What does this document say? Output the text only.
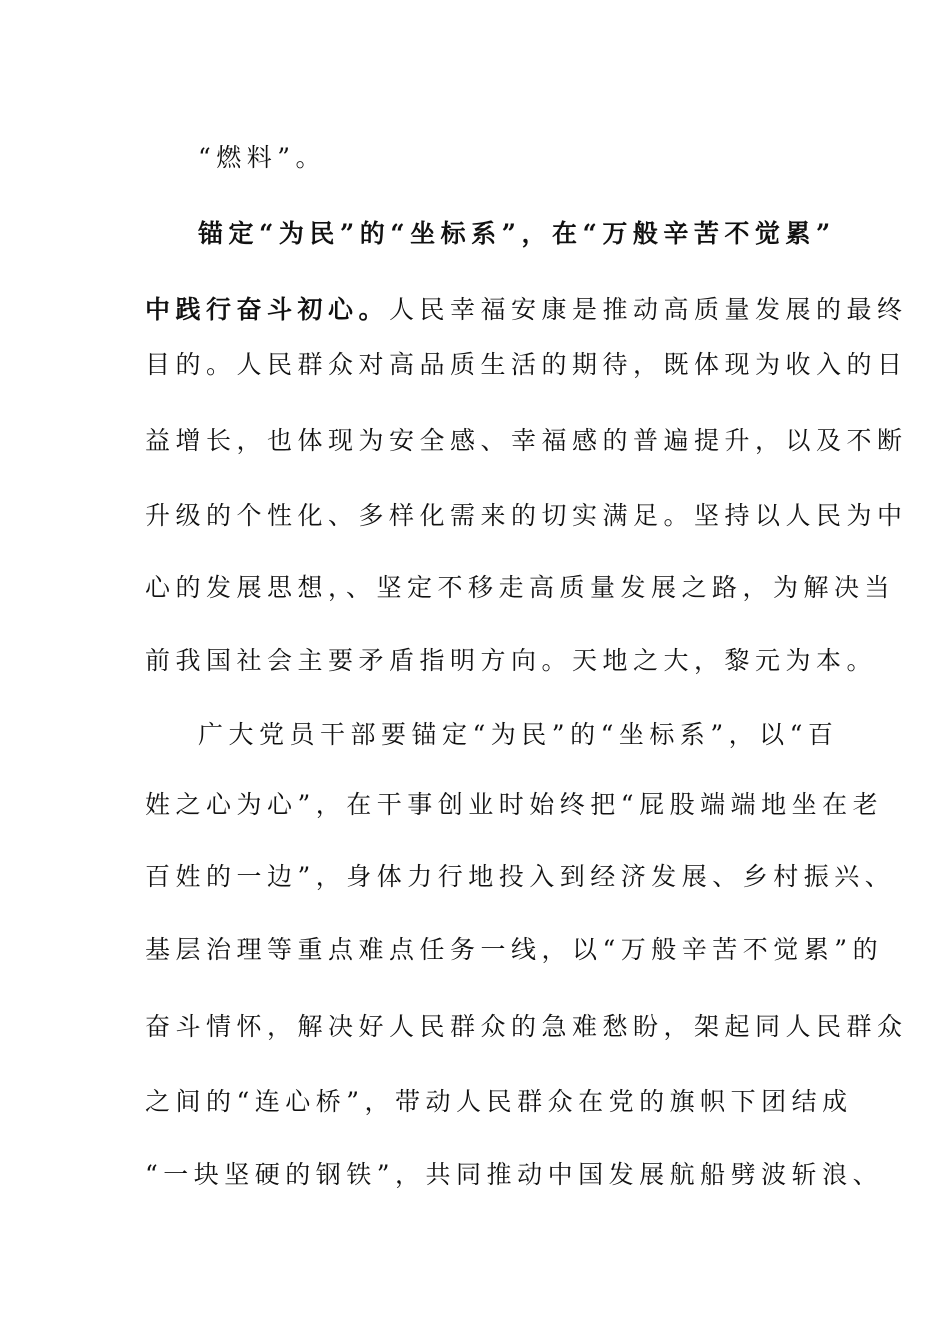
“燃料”。
锚定“为民”的“坐标系”，在“万般辛苦不觉累”
中践行奋斗初心。人民幸福安康是推动高质量发展的最终
目的。人民群众对高品质生活的期待，既体现为收入的日
益增长，也体现为安全感、幸福感的普遍提升，以及不断
升级的个性化、多样化需来的切实满足。坚持以人民为中
心的发展思想，、坚定不移走高质量发展之路，为解决当
前我国社会主要矛盾指明方向。天地之大，黎元为本。
广大党员干部要锚定“为民”的“坐标系”，以“百
姓之心为心”，在干事创业时始终把“屁股端端地坐在老
百姓的一边”，身体力行地投入到经济发展、乡村振兴、
基层治理等重点难点任务一线，以“万般辛苦不觉累”的
奋斗情怀，解决好人民群众的急难愁盼，架起同人民群众
之间的“连心桥”，带动人民群众在党的旗帜下团结成
“一块坚硬的钢铁”，共同推动中国发展航船劈波斩浪、
